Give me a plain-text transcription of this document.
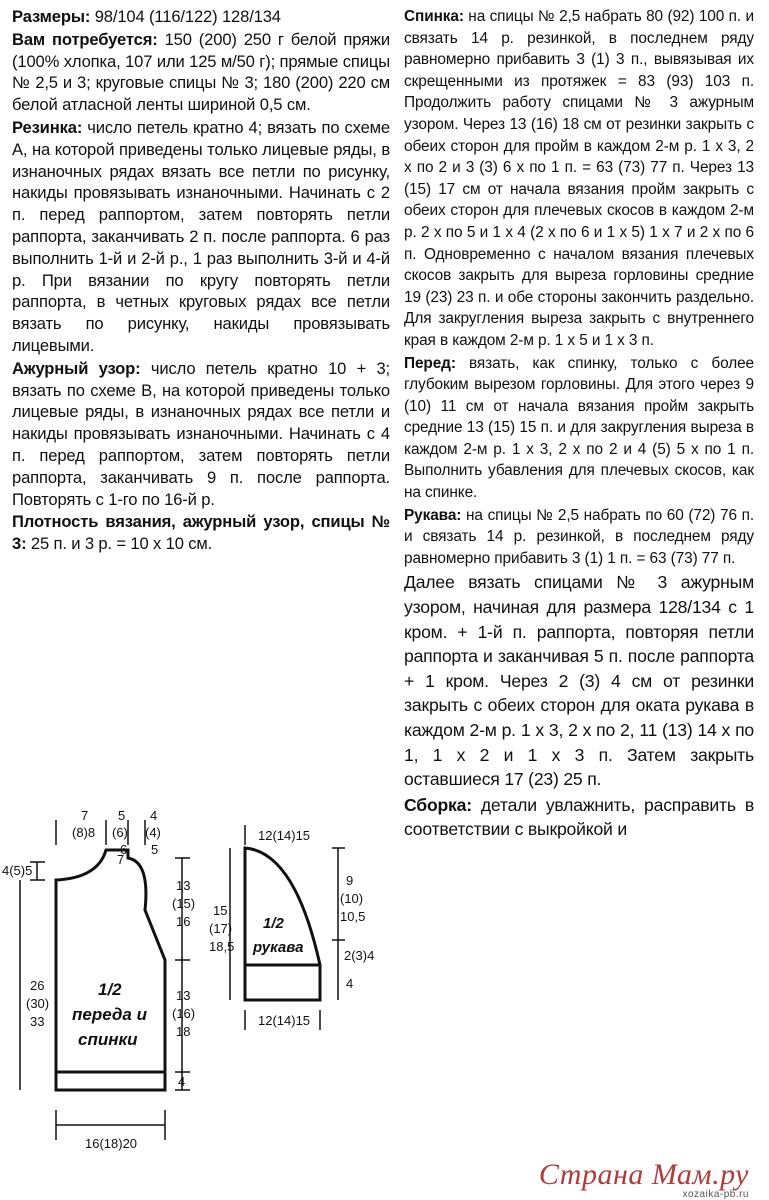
Размеры: 98/104 (116/122) 128/134

Вам потребуется: 150 (200) 250 г белой пряжи (100% хлопка, 107 или 125 м/50 г); прямые спицы № 2,5 и 3; круговые спицы № 3; 180 (200) 220 см белой атласной ленты шириной 0,5 см.

Резинка: число петель кратно 4; вязать по схеме А, на которой приведены только лицевые ряды, в изнаночных рядах вязать все петли по рисунку, накиды провязывать изнаночными. Начинать с 2 п. перед раппортом, затем повторять петли раппорта, заканчивать 2 п. после раппорта. 6 раз выполнить 1-й и 2-й р., 1 раз выполнить 3-й и 4-й р. При вязании по кругу повторять петли раппорта, в четных круговых рядах все петли вязать по рисунку, накиды провязывать лицевыми.

Ажурный узор: число петель кратно 10 + 3; вязать по схеме В, на которой приведены только лицевые ряды, в изнаночных рядах все петли и накиды провязывать изнаночными. Начинать с 4 п. перед раппортом, затем повторять петли раппорта, заканчивать 9 п. после раппорта. Повторять с 1-го по 16-й р.

Плотность вязания, ажурный узор, спицы № 3: 25 п. и 3 р. = 10 х 10 см.

Спинка: на спицы № 2,5 набрать 80 (92) 100 п. и связать 14 р. резинкой, в последнем ряду равномерно прибавить 3 (1) 3 п., вывязывая их скрещенными из протяжек = 83 (93) 103 п. Продолжить работу спицами № 3 ажурным узором. Через 13 (16) 18 см от резинки закрыть с обеих сторон для пройм в каждом 2-м р. 1 х 3, 2 х по 2 и 3 (3) 6 х по 1 п. = 63 (73) 77 п. Через 13 (15) 17 см от начала вязания пройм закрыть с обеих сторон для плечевых скосов в каждом 2-м р. 2 х по 5 и 1 х 4 (2 х по 6 и 1 х 5) 1 х 7 и 2 х по 6 п. Одновременно с началом вязания плечевых скосов закрыть для выреза горловины средние 19 (23) 23 п. и обе стороны закончить раздельно. Для закругления выреза закрыть с внутреннего края в каждом 2-м р. 1 х 5 и 1 х 3 п.

Перед: вязать, как спинку, только с более глубоким вырезом горловины. Для этого через 9 (10) 11 см от начала вязания пройм закрыть средние 13 (15) 15 п. и для закругления выреза в каждом 2-м р. 1 х 3, 2 х по 2 и 4 (5) 5 х по 1 п. Выполнить убавления для плечевых скосов, как на спинке.

Рукава: на спицы № 2,5 набрать по 60 (72) 76 п. и связать 14 р. резинкой, в последнем ряду равномерно прибавить 3 (1) 1 п. = 63 (73) 77 п.

Далее вязать спицами № 3 ажурным узором, начиная для размера 128/134 с 1 кром. + 1-й п. раппорта, повторяя петли раппорта и заканчивая 5 п. после раппорта + 1 кром. Через 2 (3) 4 см от резинки закрыть с обеих сторон для оката рукава в каждом 2-м р. 1 х 3, 2 х по 2, 11 (13) 14 х по 1, 1 х 2 и 1 х 3 п. Затем закрыть оставшиеся 17 (23) 25 п.

Сборка: детали увлажнить, расправить в соответствии с выкройкой и

7
(8)8
5
(6)
6
4
(4)
5
7
4(5)5
13
(15)
16
26
(30)
33
13
(16)
18
4
16(18)20
1/2
переда и
спинки
12(14)15
9
(10)
10,5
15
(17)
18,5
2(3)4
4
12(14)15
1/2
рукава
Страна Мам.ру
xozaika-pb.ru
